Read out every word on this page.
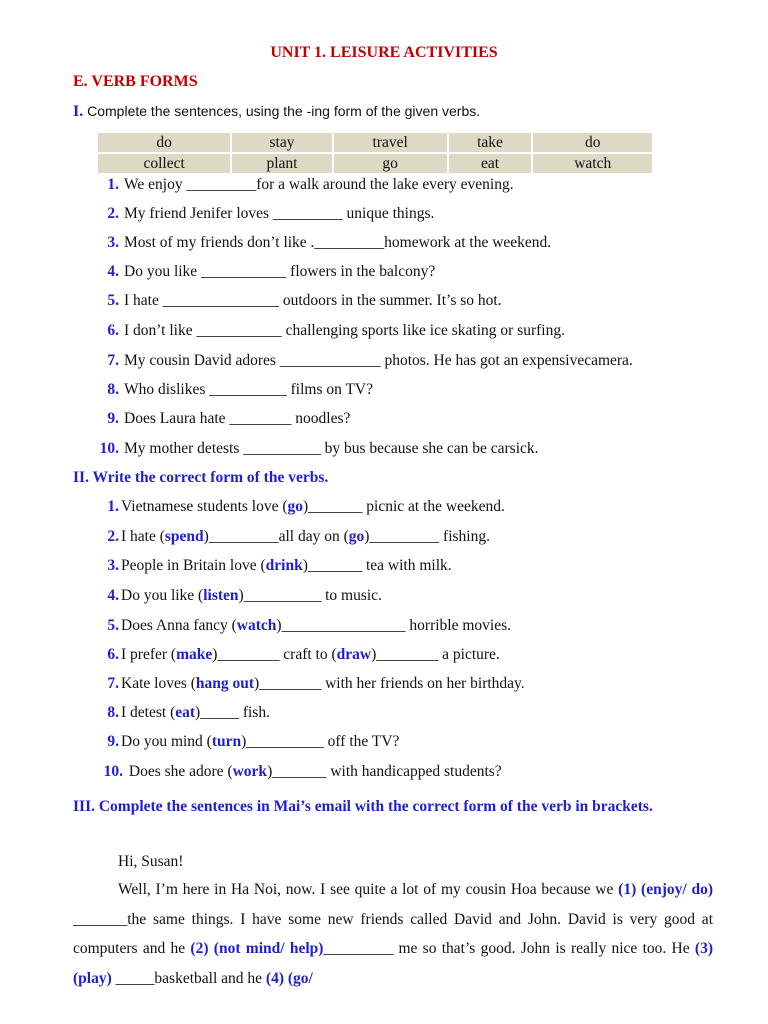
UNIT 1. LEISURE ACTIVITIES
E. VERB FORMS
I. Complete the sentences, using the -ing form of the given verbs.
do	stay	travel	take	do
collect	plant	go	eat	watch
1. We enjoy _________for a walk around the lake every evening.
2. My friend Jenifer loves _________ unique things.
3. Most of my friends don’t like ._________homework at the weekend.
4. Do you like ___________ flowers in the balcony?
5. I hate _______________ outdoors in the summer. It’s so hot.
6. I don’t like ___________ challenging sports like ice skating or surfing.
7. My cousin David adores _____________ photos. He has got an expensivecamera.
8. Who dislikes __________ films on TV?
9. Does Laura hate ________ noodles?
10. My mother detests __________ by bus because she can be carsick.
II. Write the correct form of the verbs.
1. Vietnamese students love (go)_______ picnic at the weekend.
2. I hate (spend)_________all day on (go)_________ fishing.
3. People in Britain love (drink)_______ tea with milk.
4. Do you like (listen)__________ to music.
5. Does Anna fancy (watch)________________ horrible movies.
6. I prefer (make)________ craft to (draw)________ a picture.
7. Kate loves (hang out)________ with her friends on her birthday.
8. I detest (eat)_____ fish.
9. Do you mind (turn)__________ off the TV?
10. Does she adore (work)_______ with handicapped students?
III. Complete the sentences in Mai’s email with the correct form of the verb in brackets.
Hi, Susan!
Well, I’m here in Ha Noi, now. I see quite a lot of my cousin Hoa because we (1) (enjoy/ do) _______the same things. I have some new friends called David and John. David is very good at computers and he (2) (not mind/ help)_________ me so that’s good. John is really nice too. He (3) (play) _____basketball and he (4) (go/
